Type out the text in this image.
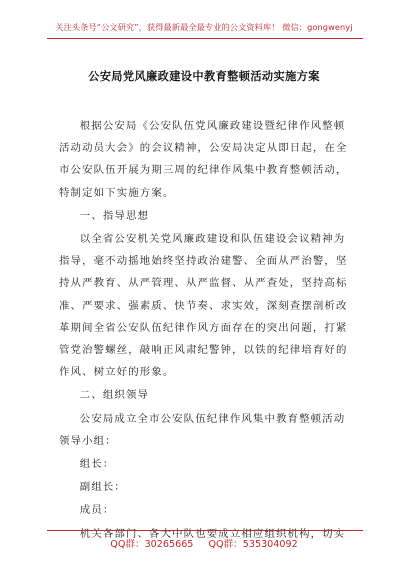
关注头条号“公文研究”，获得最新最全最专业的公文资料库！ 微信：gongwenyj
公安局党风廉政建设中教育整顿活动实施方案

根据公安局《公安队伍党风廉政建设暨纪律作风整顿活动动员大会》的会议精神，公安局决定从即日起，在全市公安队伍开展为期三周的纪律作风集中教育整顿活动，特制定如下实施方案。

一、指导思想

以全省公安机关党风廉政建设和队伍建设会议精神为指导，毫不动摇地始终坚持政治建警、全面从严治警，坚持从严教育、从严管理、从严监督、从严查处，坚持高标准、严要求、强素质、快节奏、求实效，深刻查摆剖析改革期间全省公安队伍纪律作风方面存在的突出问题，打紧管党治警螺丝，敲响正风肃纪警钟，以铁的纪律培育好的作风、树立好的形象。

二、组织领导

公安局成立全市公安队伍纪律作风集中教育整顿活动领导小组：

组长：

副组长：

成员：

机关各部门、各大中队也要成立相应组织机构，切实

QQ群：30265665 QQ群：535304092
